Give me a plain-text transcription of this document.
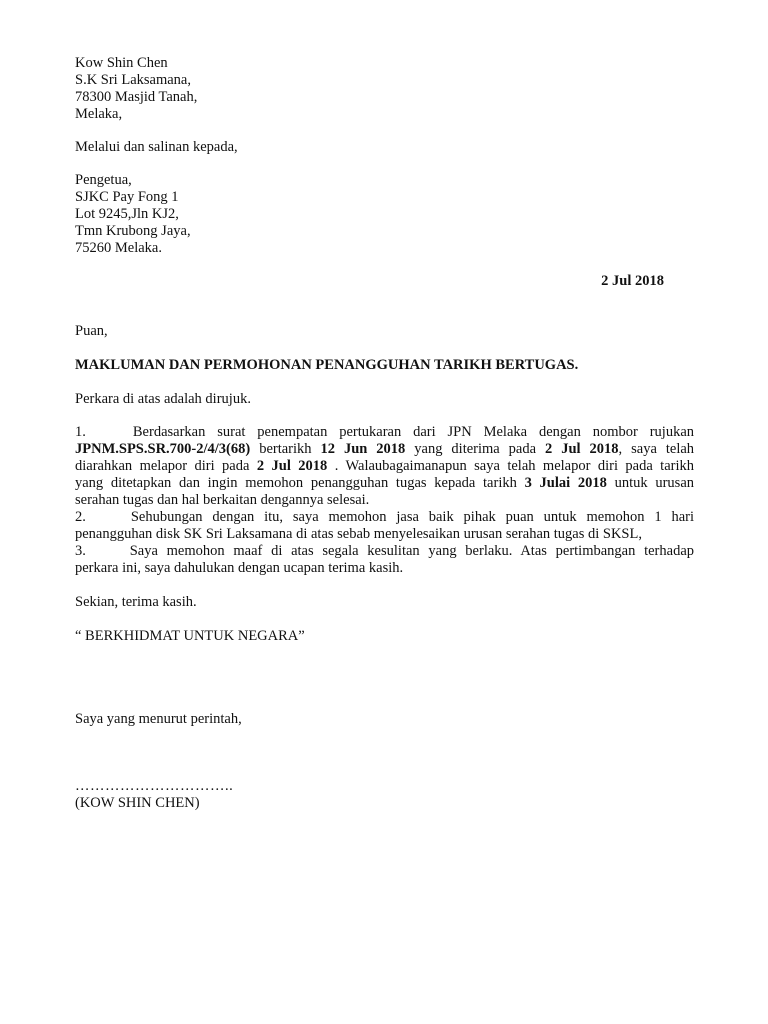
Kow Shin Chen
S.K Sri Laksamana,
78300 Masjid Tanah,
Melaka,
Melalui dan salinan kepada,
Pengetua,
SJKC Pay Fong 1
Lot 9245,Jln KJ2,
Tmn Krubong Jaya,
75260 Melaka.
2 Jul 2018
Puan,
MAKLUMAN DAN PERMOHONAN PENANGGUHAN TARIKH BERTUGAS.
Perkara di atas adalah dirujuk.
1.	Berdasarkan surat penempatan pertukaran dari JPN Melaka dengan nombor rujukan
JPNM.SPS.SR.700-2/4/3(68) bertarikh 12 Jun 2018 yang diterima pada 2 Jul 2018, saya telah
diarahkan melapor diri pada 2 Jul 2018 . Walaubagaimanapun saya telah melapor diri pada tarikh
yang ditetapkan dan ingin memohon penangguhan tugas kepada tarikh 3 Julai 2018 untuk urusan
serahan tugas dan hal berkaitan dengannya selesai.
2.	Sehubungan dengan itu, saya memohon jasa baik pihak puan untuk memohon 1 hari
penangguhan disk SK Sri Laksamana di atas sebab menyelesaikan urusan serahan tugas di SKSL,
3.	Saya memohon maaf di atas segala kesulitan yang berlaku. Atas pertimbangan terhadap
perkara ini, saya dahulukan dengan ucapan terima kasih.
Sekian, terima kasih.
“ BERKHIDMAT UNTUK NEGARA”
Saya yang menurut perintah,
…………………………..
(KOW SHIN CHEN)
